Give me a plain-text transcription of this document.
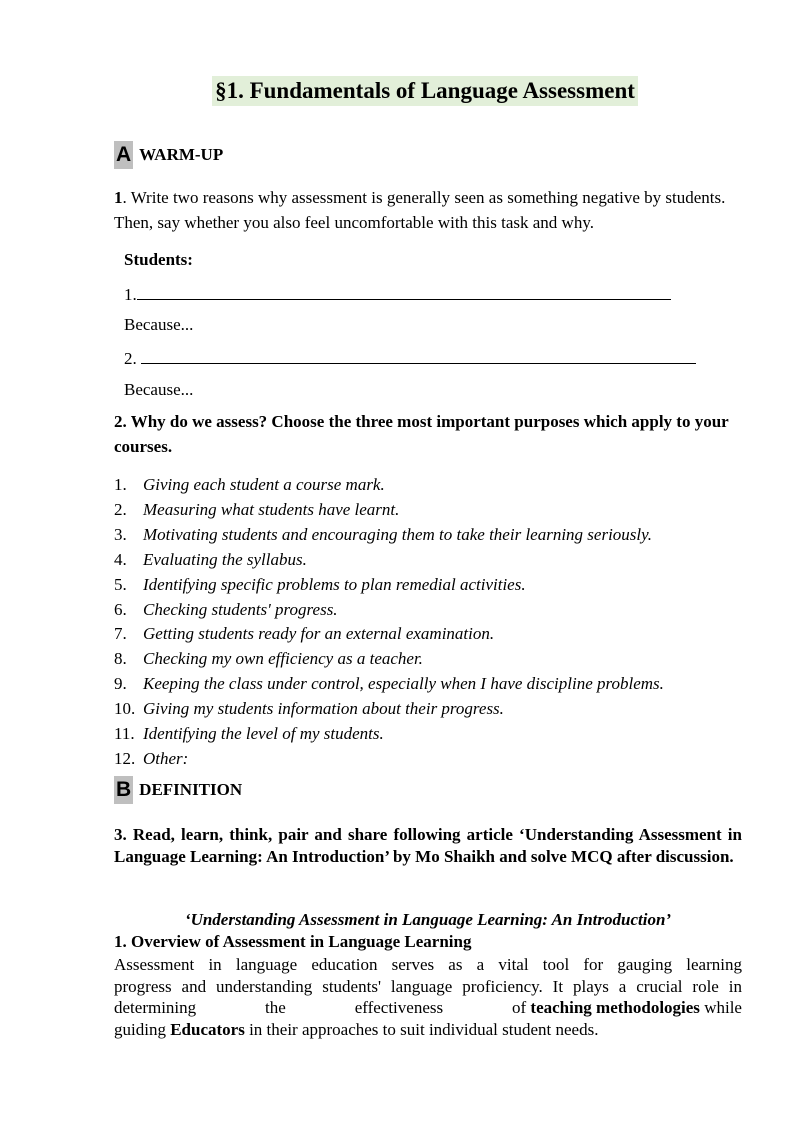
§1. Fundamentals of Language Assessment
A WARM-UP
1. Write two reasons why assessment is generally seen as something negative by students. Then, say whether you also feel uncomfortable with this task and why.
Students:
1.
Because...
2.
Because...
2. Why do we assess? Choose the three most important purposes which apply to your courses.
1. Giving each student a course mark.
2. Measuring what students have learnt.
3. Motivating students and encouraging them to take their learning seriously.
4. Evaluating the syllabus.
5. Identifying specific problems to plan remedial activities.
6. Checking students' progress.
7. Getting students ready for an external examination.
8. Checking my own efficiency as a teacher.
9. Keeping the class under control, especially when I have discipline problems.
10. Giving my students information about their progress.
11. Identifying the level of my students.
12. Other:
B DEFINITION
3. Read, learn, think, pair and share following article ‘Understanding Assessment in Language Learning: An Introduction’ by Mo Shaikh and solve MCQ after discussion.
‘Understanding Assessment in Language Learning: An Introduction’
1. Overview of Assessment in Language Learning
Assessment in language education serves as a vital tool for gauging learning
progress and understanding students' language proficiency. It plays a crucial role in
determining	the	effectiveness	of teaching methodologies while
guiding Educators in their approaches to suit individual student needs.
